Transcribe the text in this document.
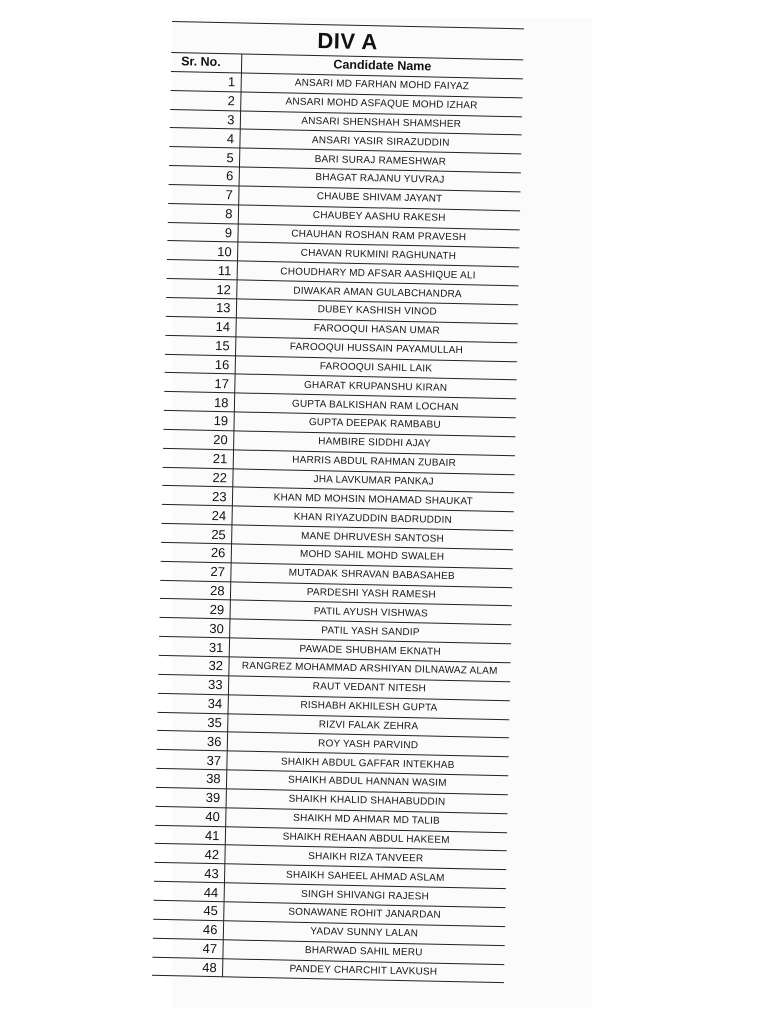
DIV A
Sr. No.	Candidate Name
1	ANSARI MD FARHAN MOHD FAIYAZ
2	ANSARI MOHD ASFAQUE MOHD IZHAR
3	ANSARI SHENSHAH SHAMSHER
4	ANSARI YASIR SIRAZUDDIN
5	BARI SURAJ RAMESHWAR
6	BHAGAT RAJANU YUVRAJ
7	CHAUBE SHIVAM JAYANT
8	CHAUBEY AASHU RAKESH
9	CHAUHAN ROSHAN RAM PRAVESH
10	CHAVAN RUKMINI RAGHUNATH
11	CHOUDHARY MD AFSAR AASHIQUE ALI
12	DIWAKAR AMAN GULABCHANDRA
13	DUBEY KASHISH VINOD
14	FAROOQUI HASAN UMAR
15	FAROOQUI HUSSAIN PAYAMULLAH
16	FAROOQUI SAHIL LAIK
17	GHARAT KRUPANSHU KIRAN
18	GUPTA BALKISHAN RAM LOCHAN
19	GUPTA DEEPAK RAMBABU
20	HAMBIRE SIDDHI AJAY
21	HARRIS ABDUL RAHMAN ZUBAIR
22	JHA LAVKUMAR PANKAJ
23	KHAN MD MOHSIN MOHAMAD SHAUKAT
24	KHAN RIYAZUDDIN BADRUDDIN
25	MANE DHRUVESH SANTOSH
26	MOHD SAHIL MOHD SWALEH
27	MUTADAK SHRAVAN BABASAHEB
28	PARDESHI YASH RAMESH
29	PATIL AYUSH VISHWAS
30	PATIL YASH SANDIP
31	PAWADE SHUBHAM EKNATH
32	RANGREZ MOHAMMAD ARSHIYAN DILNAWAZ ALAM
33	RAUT VEDANT NITESH
34	RISHABH AKHILESH GUPTA
35	RIZVI FALAK ZEHRA
36	ROY YASH PARVIND
37	SHAIKH ABDUL GAFFAR INTEKHAB
38	SHAIKH ABDUL HANNAN WASIM
39	SHAIKH KHALID SHAHABUDDIN
40	SHAIKH MD AHMAR MD TALIB
41	SHAIKH REHAAN ABDUL HAKEEM
42	SHAIKH RIZA TANVEER
43	SHAIKH SAHEEL AHMAD ASLAM
44	SINGH SHIVANGI RAJESH
45	SONAWANE ROHIT JANARDAN
46	YADAV SUNNY LALAN
47	BHARWAD SAHIL MERU
48	PANDEY CHARCHIT LAVKUSH
